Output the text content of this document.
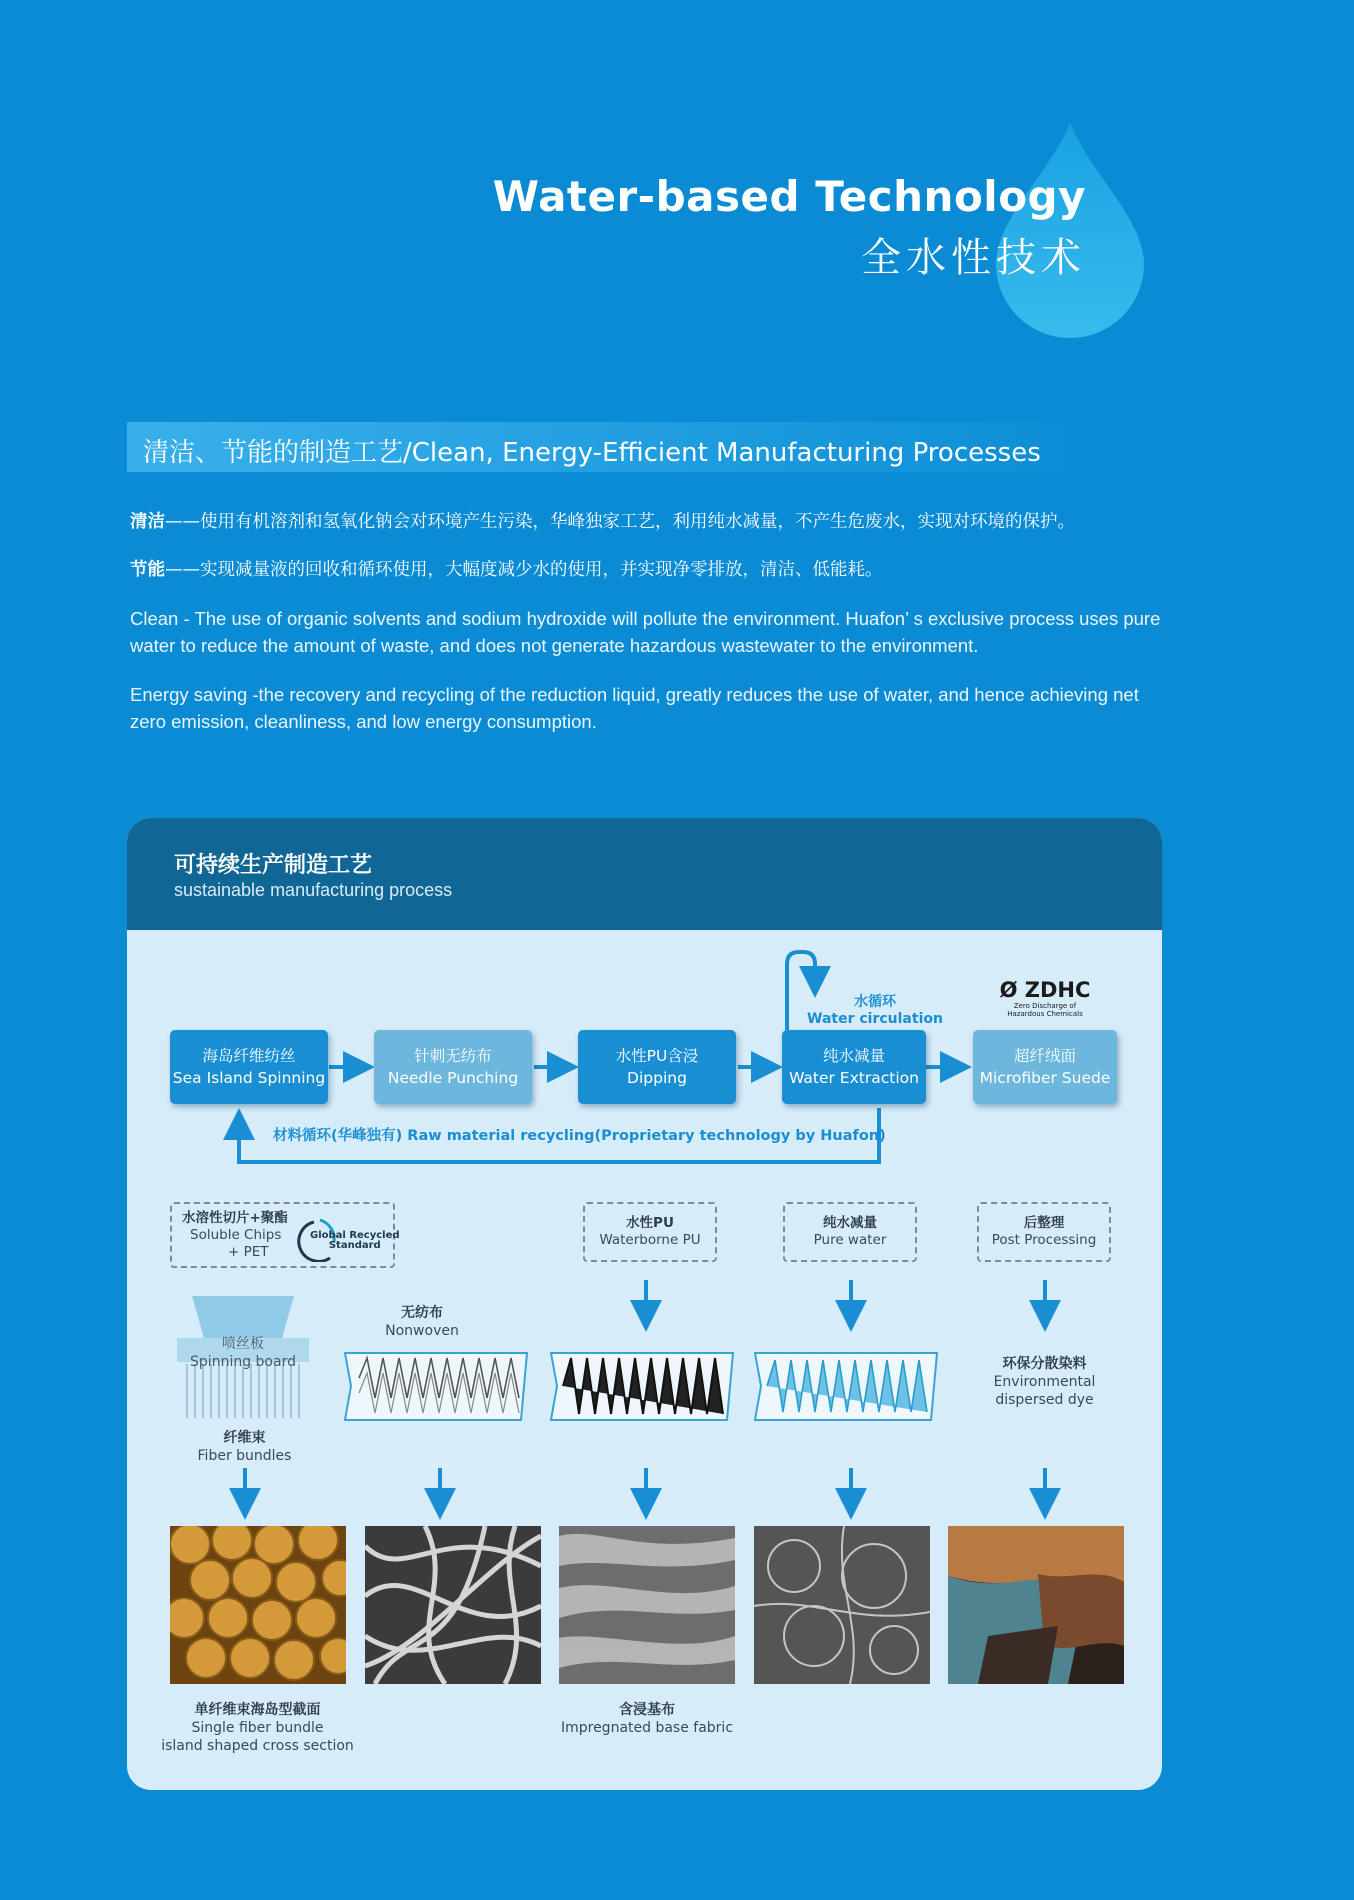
Water-based Technology
全水性技术
清洁、节能的制造工艺/Clean, Energy-Efficient Manufacturing Processes

清洁——使用有机溶剂和氢氧化钠会对环境产生污染，华峰独家工艺，利用纯水减量，不产生危废水，实现对环境的保护。

节能——实现减量液的回收和循环使用，大幅度减少水的使用，并实现净零排放，清洁、低能耗。

Clean - The use of organic solvents and sodium hydroxide will pollute the environment. Huafon’ s exclusive process uses pure water to reduce the amount of waste, and does not generate hazardous wastewater to the environment.

Energy saving -the recovery and recycling of the reduction liquid, greatly reduces the use of water, and hence achieving net zero emission, cleanliness, and low energy consumption.

可持续生产制造工艺
sustainable manufacturing process
水循环
Water circulation
Ø ZDHC
Zero Discharge of
Hazardous Chemicals
海岛纤维纺丝
Sea Island Spinning
针刺无纺布
Needle Punching
水性PU含浸
Dipping
纯水减量
Water Extraction
超纤绒面
Microfiber Suede
材料循环(华峰独有) Raw material recycling(Proprietary technology by Huafon)
水溶性切片+聚酯
Soluble Chips
+ PET
Global Recycled
Standard
水性PU
Waterborne PU
纯水减量
Pure water
后整理
Post Processing
喷丝板
Spinning board
纤维束
Fiber bundles
无纺布
Nonwoven
环保分散染料
Environmental
dispersed dye
单纤维束海岛型截面
Single fiber bundle
island shaped cross section
含浸基布
Impregnated base fabric
